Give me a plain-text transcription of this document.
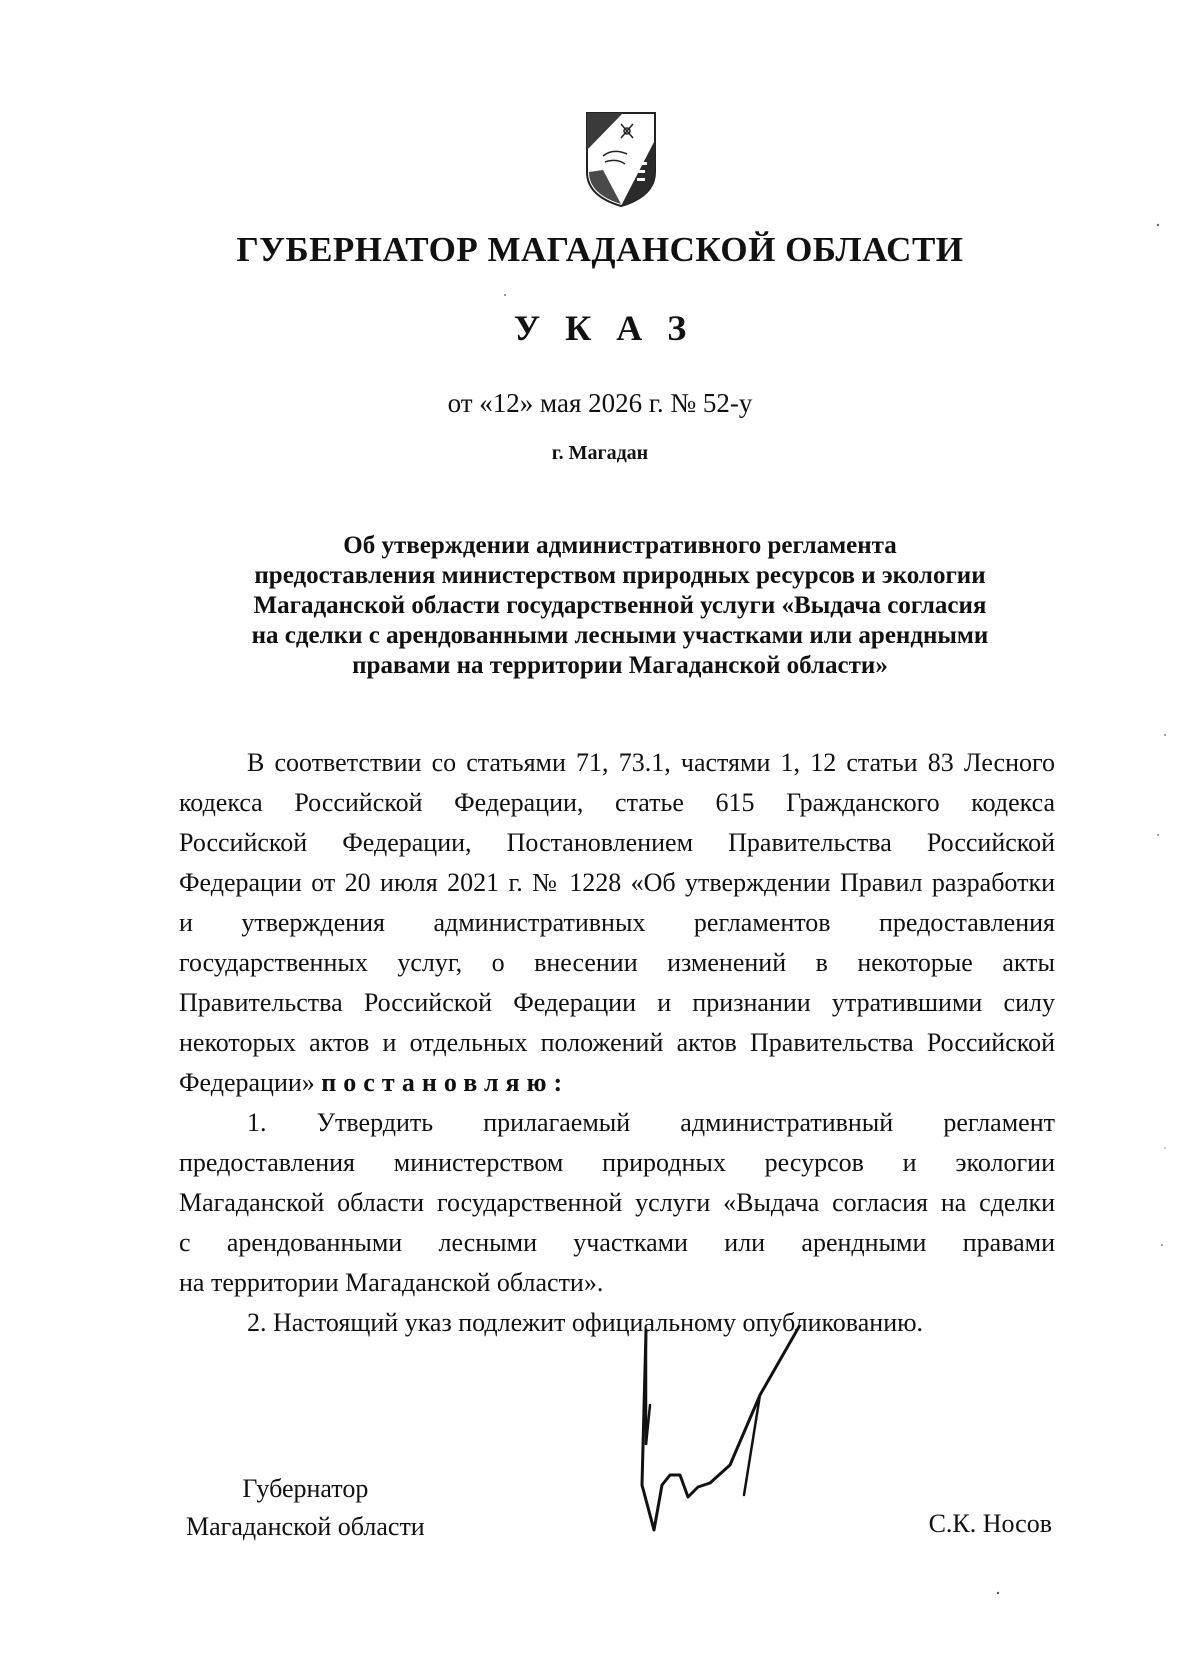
ГУБЕРНАТОР МАГАДАНСКОЙ ОБЛАСТИ
У К А З
от «12» мая 2026 г. № 52-у
г. Магадан
Об утверждении административного регламента
предоставления министерством природных ресурсов и экологии
Магаданской области государственной услуги «Выдача согласия
на сделки с арендованными лесными участками или арендными
правами на территории Магаданской области»
В соответствии со статьями 71, 73.1, частями 1, 12 статьи 83 Лесного
кодекса Российской Федерации, статье 615 Гражданского кодекса
Российской Федерации, Постановлением Правительства Российской
Федерации от 20 июля 2021 г. № 1228 «Об утверждении Правил разработки
и утверждения административных регламентов предоставления
государственных услуг, о внесении изменений в некоторые акты
Правительства Российской Федерации и признании утратившими силу
некоторых актов и отдельных положений актов Правительства Российской
Федерации» постановляю:
1. Утвердить прилагаемый административный регламент
предоставления министерством природных ресурсов и экологии
Магаданской области государственной услуги «Выдача согласия на сделки
с арендованными лесными участками или арендными правами
на территории Магаданской области».
2. Настоящий указ подлежит официальному опубликованию.
Губернатор
Магаданской области	С.К. Носов
